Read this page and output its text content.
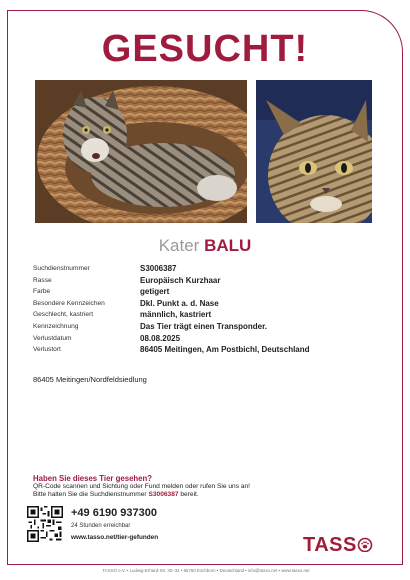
GESUCHT!
Kater BALU
Suchdienstnummer	S3006387
Rasse	Europäisch Kurzhaar
Farbe	getigert
Besondere Kennzeichen	Dkl. Punkt a. d. Nase
Geschlecht, kastriert	männlich, kastriert
Kennzeichnung	Das Tier trägt einen Transponder.
Verlustdatum	08.08.2025
Verlustort	86405 Meitingen, Am Postbichl, Deutschland
86405 Meitingen/Nordfeldsiedlung
Haben Sie dieses Tier gesehen?
QR-Code scannen und Sichtung oder Fund melden oder rufen Sie uns an!
Bitte halten Sie die Suchdienstnummer S3006387 bereit.
+49 6190 937300
24 Stunden erreichbar
www.tasso.net/tier-gefunden	TASS
TASSO e.V. • Ludwig-Erhard-Str. 30–34 • 65760 Eschborn • Deutschland • info@tasso.net • www.tasso.net
